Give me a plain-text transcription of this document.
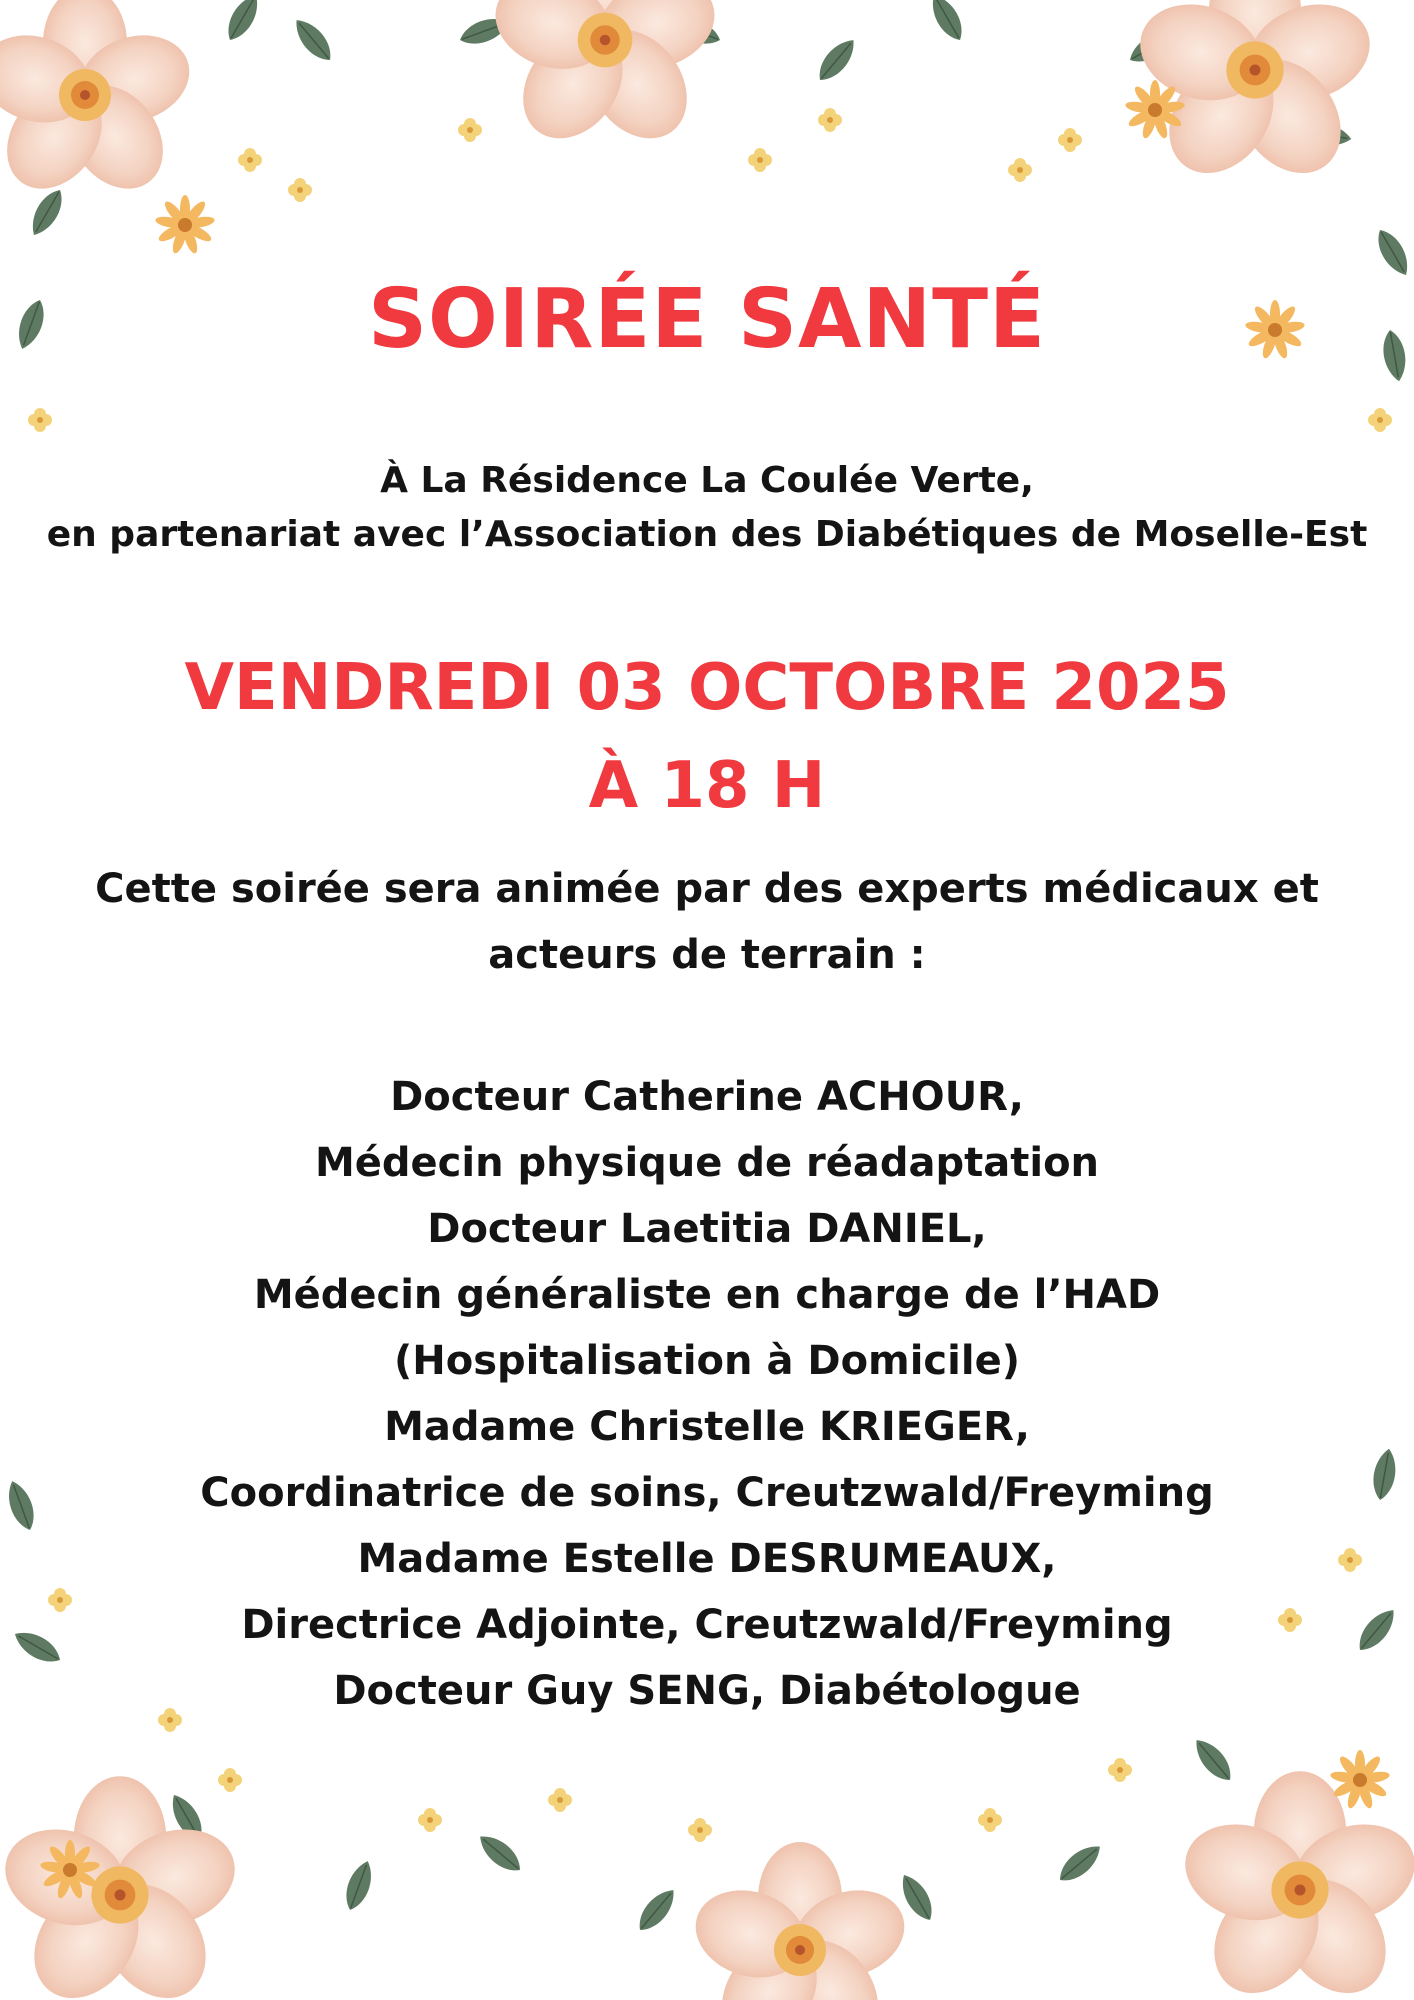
SOIRÉE SANTÉ
À La Résidence La Coulée Verte,
en partenariat avec l’Association des Diabétiques de Moselle-Est
VENDREDI 03 OCTOBRE 2025
À 18 H
Cette soirée sera animée par des experts médicaux et
acteurs de terrain :
Docteur Catherine ACHOUR,
Médecin physique de réadaptation
Docteur Laetitia DANIEL,
Médecin généraliste en charge de l’HAD
(Hospitalisation à Domicile)
Madame Christelle KRIEGER,
Coordinatrice de soins, Creutzwald/Freyming
Madame Estelle DESRUMEAUX,
Directrice Adjointe, Creutzwald/Freyming
Docteur Guy SENG, Diabétologue
